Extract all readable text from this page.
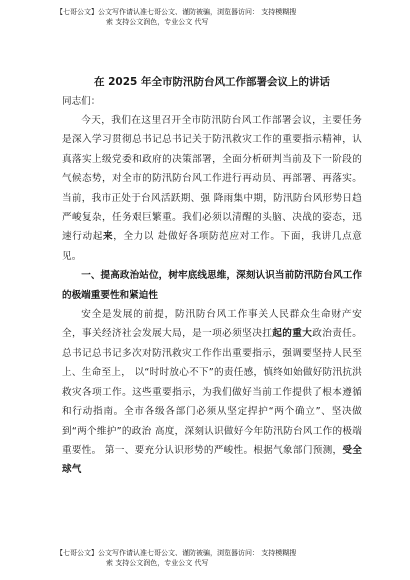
【七哥公文】公文写作请认准七哥公文、谨防被骗，浏览器访问： 支持模糊搜
索 支持公文润色，专业公文 代写
在 2025 年全市防汛防台风工作部署会议上的讲话
同志们：

今天，我们在这里召开全市防汛防台风工作部署会议，主要任务是深入学习贯彻总书记总书记关于防汛救灾工作的重要指示精神，认真落实上级党委和政府的决策部署，全面分析研判当前及下一阶段的气候态势，对全市的防汛防台风工作进行再动员、再部署、再落实。 当前，我市正处于台风活跃期、强 降雨集中期，防汛防台风形势日趋严峻复杂，任务艰巨繁重。我们必须以清醒的头脑、决战的姿态，迅速行动起来，全力以 赴做好各项防范应对工作。下面，我讲几点意见。

一、提高政治站位，树牢底线思维，深刻认识当前防汛防台风工作的极端重要性和紧迫性

安全是发展的前提，防汛防台风工作事关人民群众生命财产安全，事关经济社会发展大局，是一项必须坚决扛起的重大政治责任。总书记总书记多次对防汛救灾工作作出重要指示，强调要坚持人民至上、生命至上， 以“时时放心不下”的责任感，慎终如始做好防汛抗洪救灾各项工作。这些重要指示，为我们做好当前工作提供了根本遵循和行动指南。全市各级各部门必须从坚定捍护“两个确立”、坚决做到“两个维护”的政治 高度，深刻认识做好今年防汛防台风工作的极端重要性。 第一、要充分认识形势的严峻性。根据气象部门预测，受全球气

【七哥公文】公文写作请认准七哥公文、谨防被骗，浏览器访问： 支持模糊搜
索 支持公文润色，专业公文 代写
